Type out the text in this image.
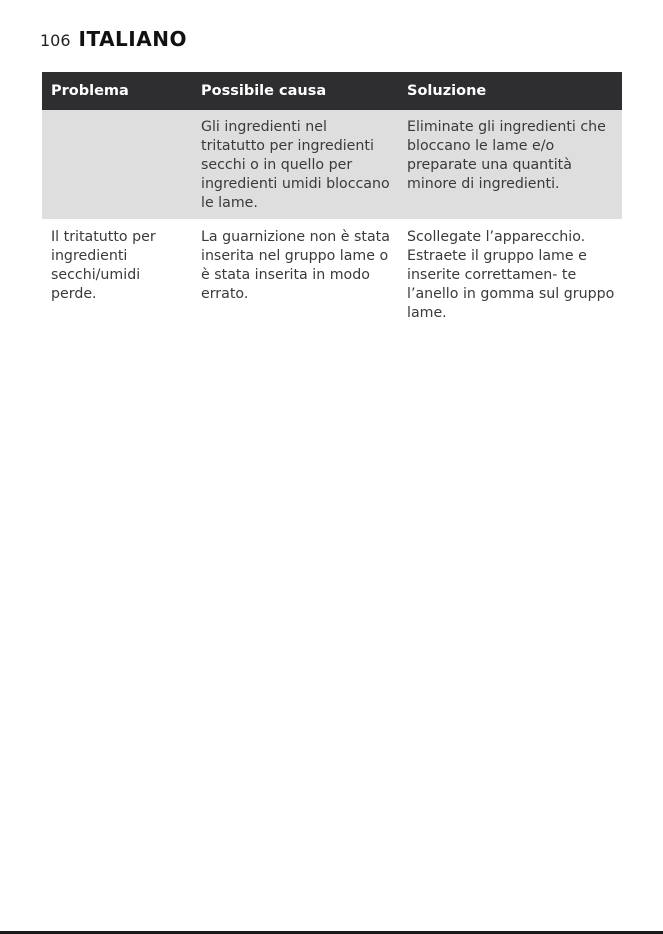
106 ITALIANO
Problema	Possibile causa	Soluzione
	Gli ingredienti nel tritatutto per ingredienti secchi o in quello per ingredienti umidi bloccano le lame.	Eliminate gli ingredienti che bloccano le lame e/o preparate una quantità minore di ingredienti.
Il tritatutto per ingredienti secchi/umidi perde.	La guarnizione non è stata inserita nel gruppo lame o è stata inserita in modo errato.	Scollegate l’apparecchio. Estraete il gruppo lame e inserite correttamen- te l’anello in gomma sul gruppo lame.
